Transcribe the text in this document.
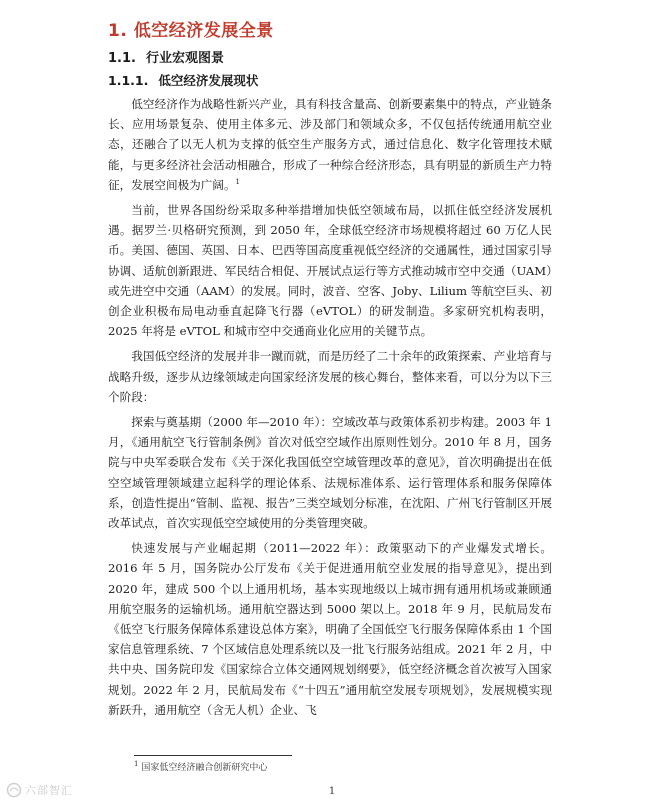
1. 低空经济发展全景
1.1. 行业宏观图景
1.1.1. 低空经济发展现状

低空经济作为战略性新兴产业，具有科技含量高、创新要素集中的特点，产业链条长、应用场景复杂、使用主体多元、涉及部门和领域众多，不仅包括传统通用航空业态，还融合了以无人机为支撑的低空生产服务方式，通过信息化、数字化管理技术赋能，与更多经济社会活动相融合，形成了一种综合经济形态，具有明显的新质生产力特征，发展空间极为广阔。$^1$

当前，世界各国纷纷采取多种举措增加快低空领域布局，以抓住低空经济发展机遇。据罗兰·贝格研究预测，到 2050 年，全球低空经济市场规模将超过 60 万亿人民币。美国、德国、英国、日本、巴西等国高度重视低空经济的交通属性，通过国家引导协调、适航创新跟进、军民结合相促、开展试点运行等方式推动城市空中交通（UAM）或先进空中交通（AAM）的发展。同时，波音、空客、Joby、Lilium 等航空巨头、初创企业积极布局电动垂直起降飞行器（eVTOL）的研发制造。多家研究机构表明，2025 年将是 eVTOL 和城市空中交通商业化应用的关键节点。

我国低空经济的发展并非一蹴而就，而是历经了二十余年的政策探索、产业培育与战略升级，逐步从边缘领域走向国家经济发展的核心舞台，整体来看，可以分为以下三个阶段：

探索与奠基期（2000 年—2010 年）：空域改革与政策体系初步构建。2003 年 1 月，《通用航空飞行管制条例》首次对低空空域作出原则性划分。2010 年 8 月，国务院与中央军委联合发布《关于深化我国低空空域管理改革的意见》，首次明确提出在低空空域管理领域建立起科学的理论体系、法规标准体系、运行管理体系和服务保障体系，创造性提出“管制、监视、报告”三类空域划分标准，在沈阳、广州飞行管制区开展改革试点，首次实现低空空域使用的分类管理突破。

快速发展与产业崛起期（2011—2022 年）：政策驱动下的产业爆发式增长。2016 年 5 月，国务院办公厅发布《关于促进通用航空业发展的指导意见》，提出到 2020 年，建成 500 个以上通用机场，基本实现地级以上城市拥有通用机场或兼顾通用航空服务的运输机场。通用航空器达到 5000 架以上。2018 年 9 月，民航局发布《低空飞行服务保障体系建设总体方案》，明确了全国低空飞行服务保障体系由 1 个国家信息管理系统、7 个区域信息处理系统以及一批飞行服务站组成。2021 年 2 月，中共中央、国务院印发《国家综合立体交通网规划纲要》，低空经济概念首次被写入国家规划。2022 年 2 月，民航局发布《“十四五”通用航空发展专项规划》，发展规模实现新跃升，通用航空（含无人机）企业、飞

$^1$ 国家低空经济融合创新研究中心
1
六部智汇
